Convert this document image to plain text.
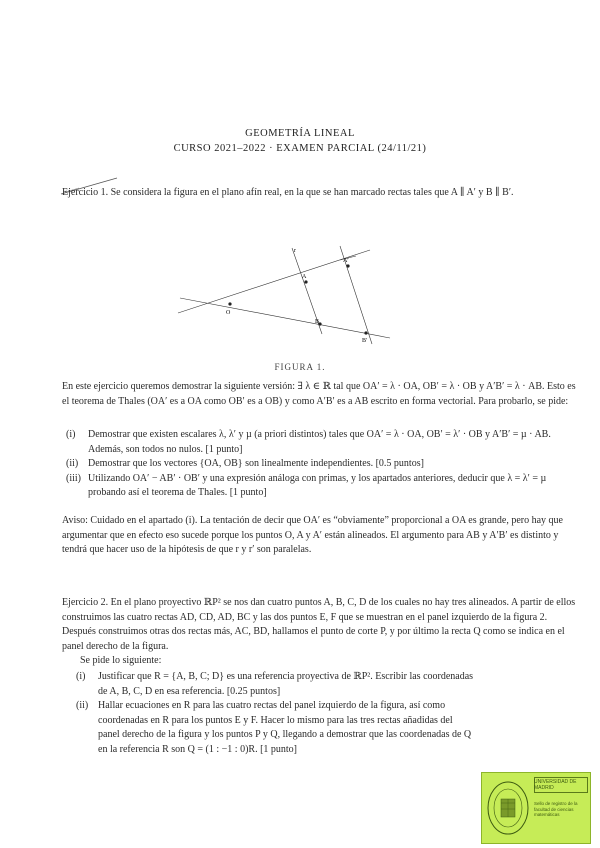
GEOMETRÍA LINEAL
CURSO 2021–2022 · EXAMEN PARCIAL (24/11/21)
Ejercicio 1. Se considera la figura en el plano afín real, en la que se han marcado rectas tales que A ∥ A′ y B ∥ B′.
O
A
A′
B
B′
r
FIGURA 1.
En este ejercicio queremos demostrar la siguiente versión: ∃ λ ∈ ℝ tal que OA′ = λ · OA, OB′ = λ · OB y A′B′ = λ · AB. Esto es el teorema de Thales (OA′ es a OA como OB′ es a OB) y como A′B′ es a AB escrito en forma vectorial. Para probarlo, se pide:
(i) Demostrar que existen escalares λ, λ′ y µ (a priori distintos) tales que OA′ = λ · OA, OB′ = λ′ · OB y A′B′ = µ · AB. Además, son todos no nulos. [1 punto]
(ii) Demostrar que los vectores {OA, OB} son linealmente independientes. [0.5 puntos]
(iii) Utilizando OA′ − AB′ · OB′ y una expresión análoga con primas, y los apartados anteriores, deducir que λ = λ′ = µ probando así el teorema de Thales. [1 punto]
Aviso: Cuidado en el apartado (i). La tentación de decir que OA′ es “obviamente” proporcional a OA es grande, pero hay que argumentar que en efecto eso sucede porque los puntos O, A y A′ están alineados. El argumento para AB y A′B′ es distinto y tendrá que hacer uso de la hipótesis de que r y r′ son paralelas.
Ejercicio 2. En el plano proyectivo ℝP² se nos dan cuatro puntos A, B, C, D de los cuales no hay tres alineados. A partir de ellos construimos las cuatro rectas AD, CD, AD, BC y las dos puntos E, F que se muestran en el panel izquierdo de la figura 2. Después construimos otras dos rectas más, AC, BD, hallamos el punto de corte P, y por último la recta Q como se indica en el panel derecho de la figura.
Se pide lo siguiente:
(i) Justificar que R = {A, B, C; D} es una referencia proyectiva de ℝP². Escribir las coordenadas de A, B, C, D en esa referencia. [0.25 puntos]
(ii) Hallar ecuaciones en R para las cuatro rectas del panel izquierdo de la figura, así como coordenadas en R para los puntos E y F. Hacer lo mismo para las tres rectas añadidas del panel derecho de la figura y los puntos P y Q, llegando a demostrar que las coordenadas de Q en la referencia R son Q = (1 : −1 : 0)R. [1 punto]
UNIVERSIDAD DE MADRID
Sello de registro de la facultad de ciencias matemáticas
